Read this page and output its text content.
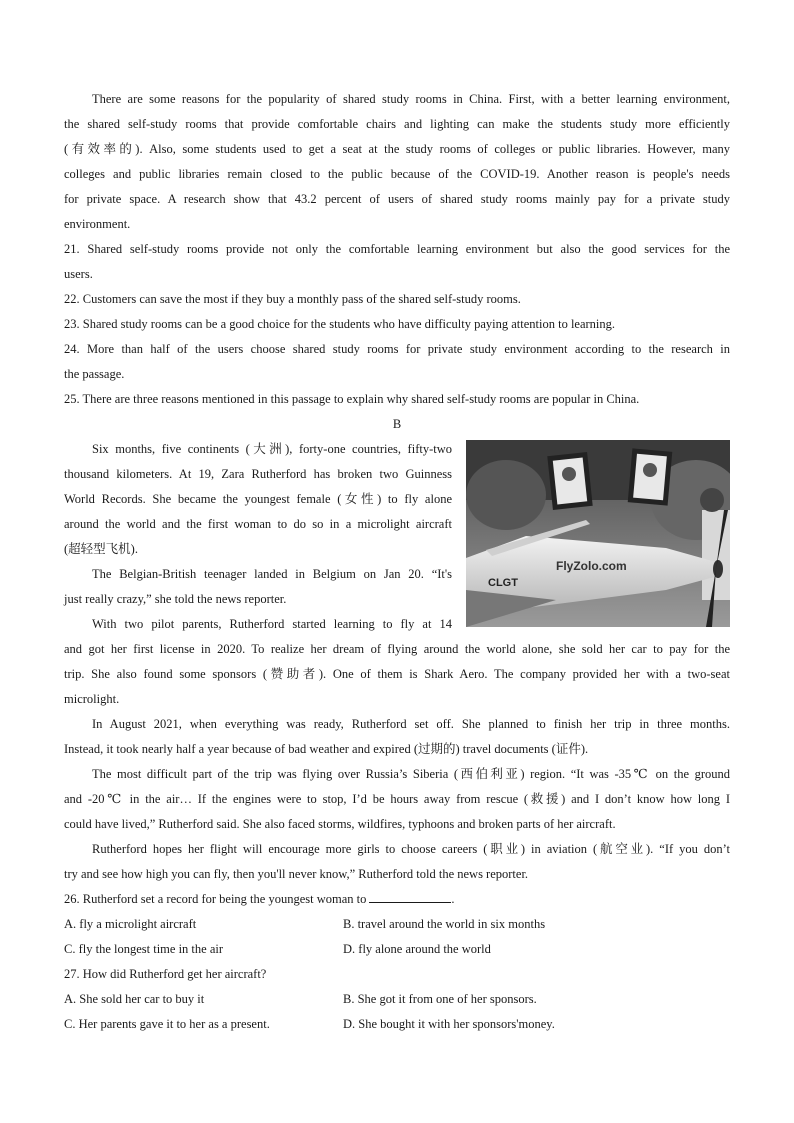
There are some reasons for the popularity of shared study rooms in China. First, with a better learning environment,
the shared self-study rooms that provide comfortable chairs and lighting can make the students study more efficiently
(有效率的). Also, some students used to get a seat at the study rooms of colleges or public libraries. However, many
colleges and public libraries remain closed to the public because of the COVID-19. Another reason is people's needs
for private space. A research show that 43.2 percent of users of shared study rooms mainly pay for a private study
environment.
21. Shared self-study rooms provide not only the comfortable learning environment but also the good services for the
users.
22. Customers can save the most if they buy a monthly pass of the shared self-study rooms.
23. Shared study rooms can be a good choice for the students who have difficulty paying attention to learning.
24. More than half of the users choose shared study rooms for private study environment according to the research in
the passage.
25. There are three reasons mentioned in this passage to explain why shared self-study rooms are popular in China.
B
CLGT
FlyZolo.com
Six months, five continents (大洲), forty-one countries, fifty-two
thousand kilometers. At 19, Zara Rutherford has broken two Guinness
World Records. She became the youngest female (女性) to fly alone
around the world and the first woman to do so in a microlight aircraft
(超轻型飞机).
The Belgian-British teenager landed in Belgium on Jan 20. “It's
just really crazy,” she told the news reporter.
With two pilot parents, Rutherford started learning to fly at 14
and got her first license in 2020. To realize her dream of flying around the world alone, she sold her car to pay for the
trip. She also found some sponsors (赞助者). One of them is Shark Aero. The company provided her with a two-seat
microlight.
In August 2021, when everything was ready, Rutherford set off. She planned to finish her trip in three months.
Instead, it took nearly half a year because of bad weather and expired (过期的) travel documents (证件).
The most difficult part of the trip was flying over Russia’s Siberia (西伯利亚) region. “It was -35℃ on the ground
and -20℃ in the air… If the engines were to stop, I’d be hours away from rescue (救援) and I don’t know how long I
could have lived,” Rutherford said. She also faced storms, wildfires, typhoons and broken parts of her aircraft.
Rutherford hopes her flight will encourage more girls to choose careers (职业) in aviation (航空业). “If you don’t
try and see how high you can fly, then you'll never know,” Rutherford told the news reporter.
26. Rutherford set a record for being the youngest woman to	.
A. fly a microlight aircraft	B. travel around the world in six months
C. fly the longest time in the air	D. fly alone around the world
27. How did Rutherford get her aircraft?
A. She sold her car to buy it	B. She got it from one of her sponsors.
C. Her parents gave it to her as a present.	D. She bought it with her sponsors'money.
